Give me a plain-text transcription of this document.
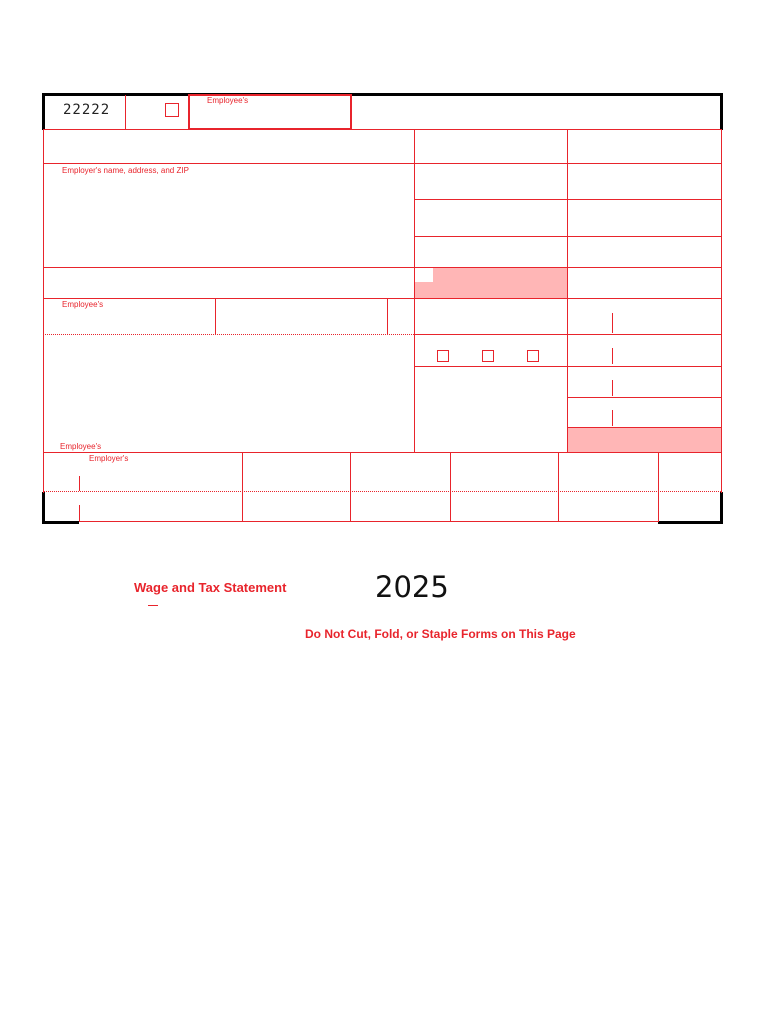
22222
Employee's
Employer's name, address, and ZIP
Employee's
Employee's
Employer's
Wage and Tax Statement	2025
Do Not Cut, Fold, or Staple Forms on This Page
